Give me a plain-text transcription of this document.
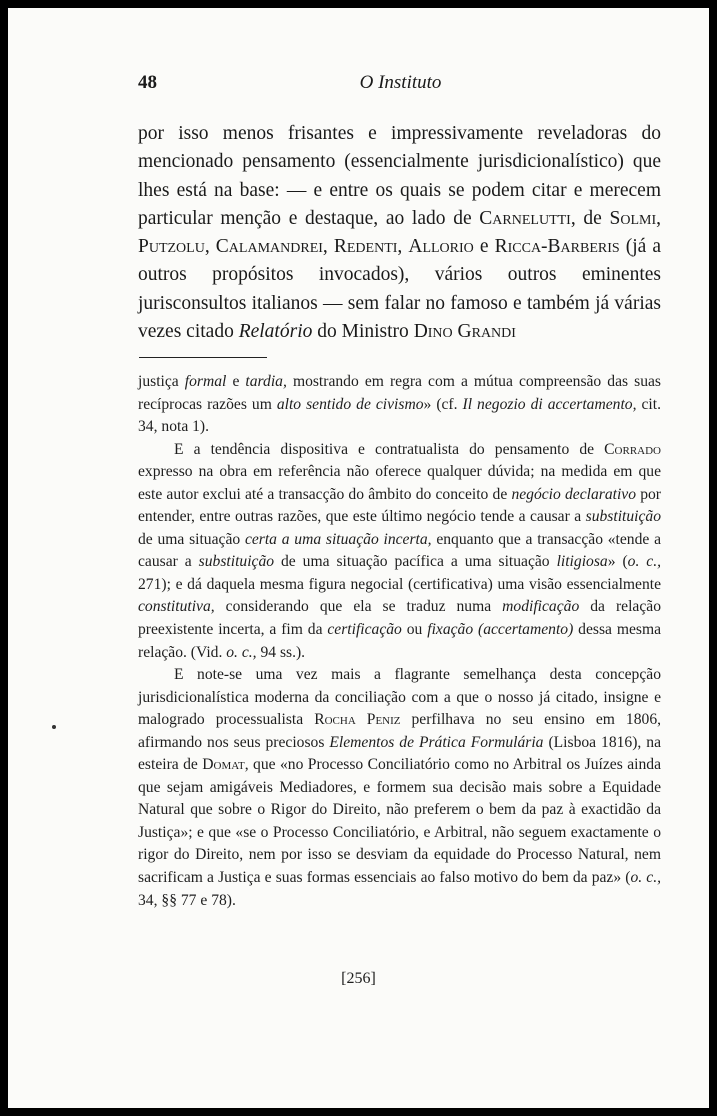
48	O Instituto
por isso menos frisantes e impressivamente reveladoras do mencionado pensamento (essencialmente jurisdicionalístico) que lhes está na base: — e entre os quais se podem citar e merecem particular menção e destaque, ao lado de Carnelutti, de Solmi, Putzolu, Calamandrei, Redenti, Allorio e Ricca-Barberis (já a outros propósitos invocados), vários outros eminentes jurisconsultos italianos — sem falar no famoso e também já várias vezes citado Relatório do Ministro Dino Grandi

justiça formal e tardia, mostrando em regra com a mútua compreensão das suas recíprocas razões um alto sentido de civismo» (cf. Il negozio di accertamento, cit. 34, nota 1).

E a tendência dispositiva e contratualista do pensamento de Corrado expresso na obra em referência não oferece qualquer dúvida; na medida em que este autor exclui até a transacção do âmbito do conceito de negócio declarativo por entender, entre outras razões, que este último negócio tende a causar a substituição de uma situação certa a uma situação incerta, enquanto que a transacção «tende a causar a substituição de uma situação pacífica a uma situação litigiosa» (o. c., 271); e dá daquela mesma figura negocial (certificativa) uma visão essencialmente constitutiva, considerando que ela se traduz numa modificação da relação preexistente incerta, a fim da certificação ou fixação (accertamento) dessa mesma relação. (Vid. o. c., 94 ss.).

E note-se uma vez mais a flagrante semelhança desta concepção jurisdicionalística moderna da conciliação com a que o nosso já citado, insigne e malogrado processualista Rocha Peniz perfilhava no seu ensino em 1806, afirmando nos seus preciosos Elementos de Prática Formulária (Lisboa 1816), na esteira de Domat, que «no Processo Conciliatório como no Arbitral os Juízes ainda que sejam amigáveis Mediadores, e formem sua decisão mais sobre a Equidade Natural que sobre o Rigor do Direito, não preferem o bem da paz à exactidão da Justiça»; e que «se o Processo Conciliatório, e Arbitral, não seguem exactamente o rigor do Direito, nem por isso se desviam da equidade do Processo Natural, nem sacrificam a Justiça e suas formas essenciais ao falso motivo do bem da paz» (o. c., 34, §§ 77 e 78).

[256]
